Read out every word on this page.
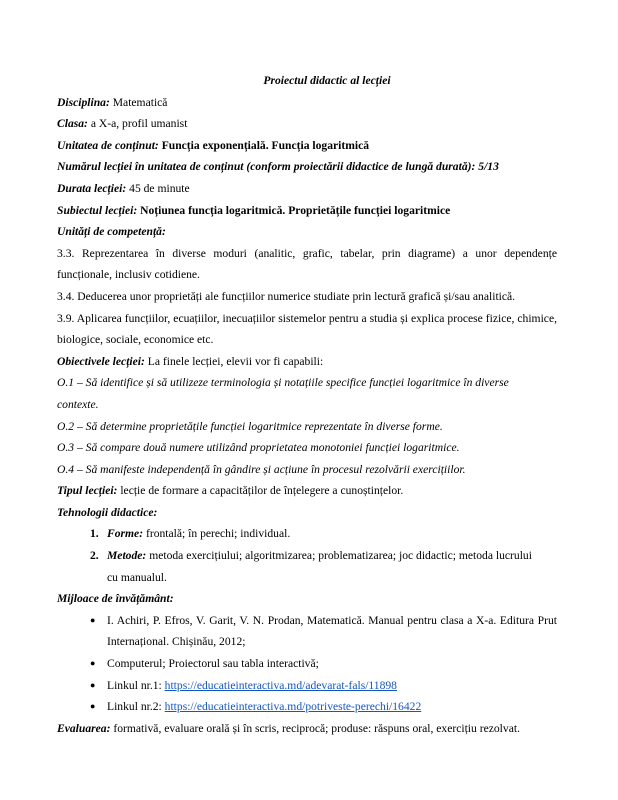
Proiectul didactic al lecției
Disciplina: Matematică
Clasa: a X-a, profil umanist
Unitatea de conținut: Funcția exponențială. Funcția logaritmică
Numărul lecției în unitatea de conținut (conform proiectării didactice de lungă durată): 5/13
Durata lecției: 45 de minute
Subiectul lecției: Noțiunea funcția logaritmică. Proprietățile funcției logaritmice
Unități de competență:
3.3. Reprezentarea în diverse moduri (analitic, grafic, tabelar, prin diagrame) a unor dependențe funcționale, inclusiv cotidiene.
3.4. Deducerea unor proprietăți ale funcțiilor numerice studiate prin lectură grafică și/sau analitică.
3.9. Aplicarea funcțiilor, ecuațiilor, inecuațiilor sistemelor pentru a studia și explica procese fizice, chimice, biologice, sociale, economice etc.
Obiectivele lecției: La finele lecției, elevii vor fi capabili:
O.1 – Să identifice și să utilizeze terminologia și notațiile specifice funcției logaritmice în diverse contexte.
O.2 – Să determine proprietățile funcției logaritmice reprezentate în diverse forme.
O.3 – Să compare două numere utilizând proprietatea monotoniei funcției logaritmice.
O.4 – Să manifeste independență în gândire și acțiune în procesul rezolvării exercițiilor.
Tipul lecției: lecție de formare a capacităților de înțelegere a cunoștințelor.
Tehnologii didactice:
1. Forme: frontală; în perechi; individual.
2. Metode: metoda exercițiului; algoritmizarea; problematizarea; joc didactic; metoda lucrului cu manualul.
Mijloace de învățământ:
● I. Achiri, P. Efros, V. Garit, V. N. Prodan, Matematică. Manual pentru clasa a X-a. Editura Prut Internațional. Chișinău, 2012;
● Computerul; Proiectorul sau tabla interactivă;
● Linkul nr.1: https://educatieinteractiva.md/adevarat-fals/11898
● Linkul nr.2: https://educatieinteractiva.md/potriveste-perechi/16422
Evaluarea: formativă, evaluare orală și în scris, reciprocă; produse: răspuns oral, exercițiu rezolvat.
